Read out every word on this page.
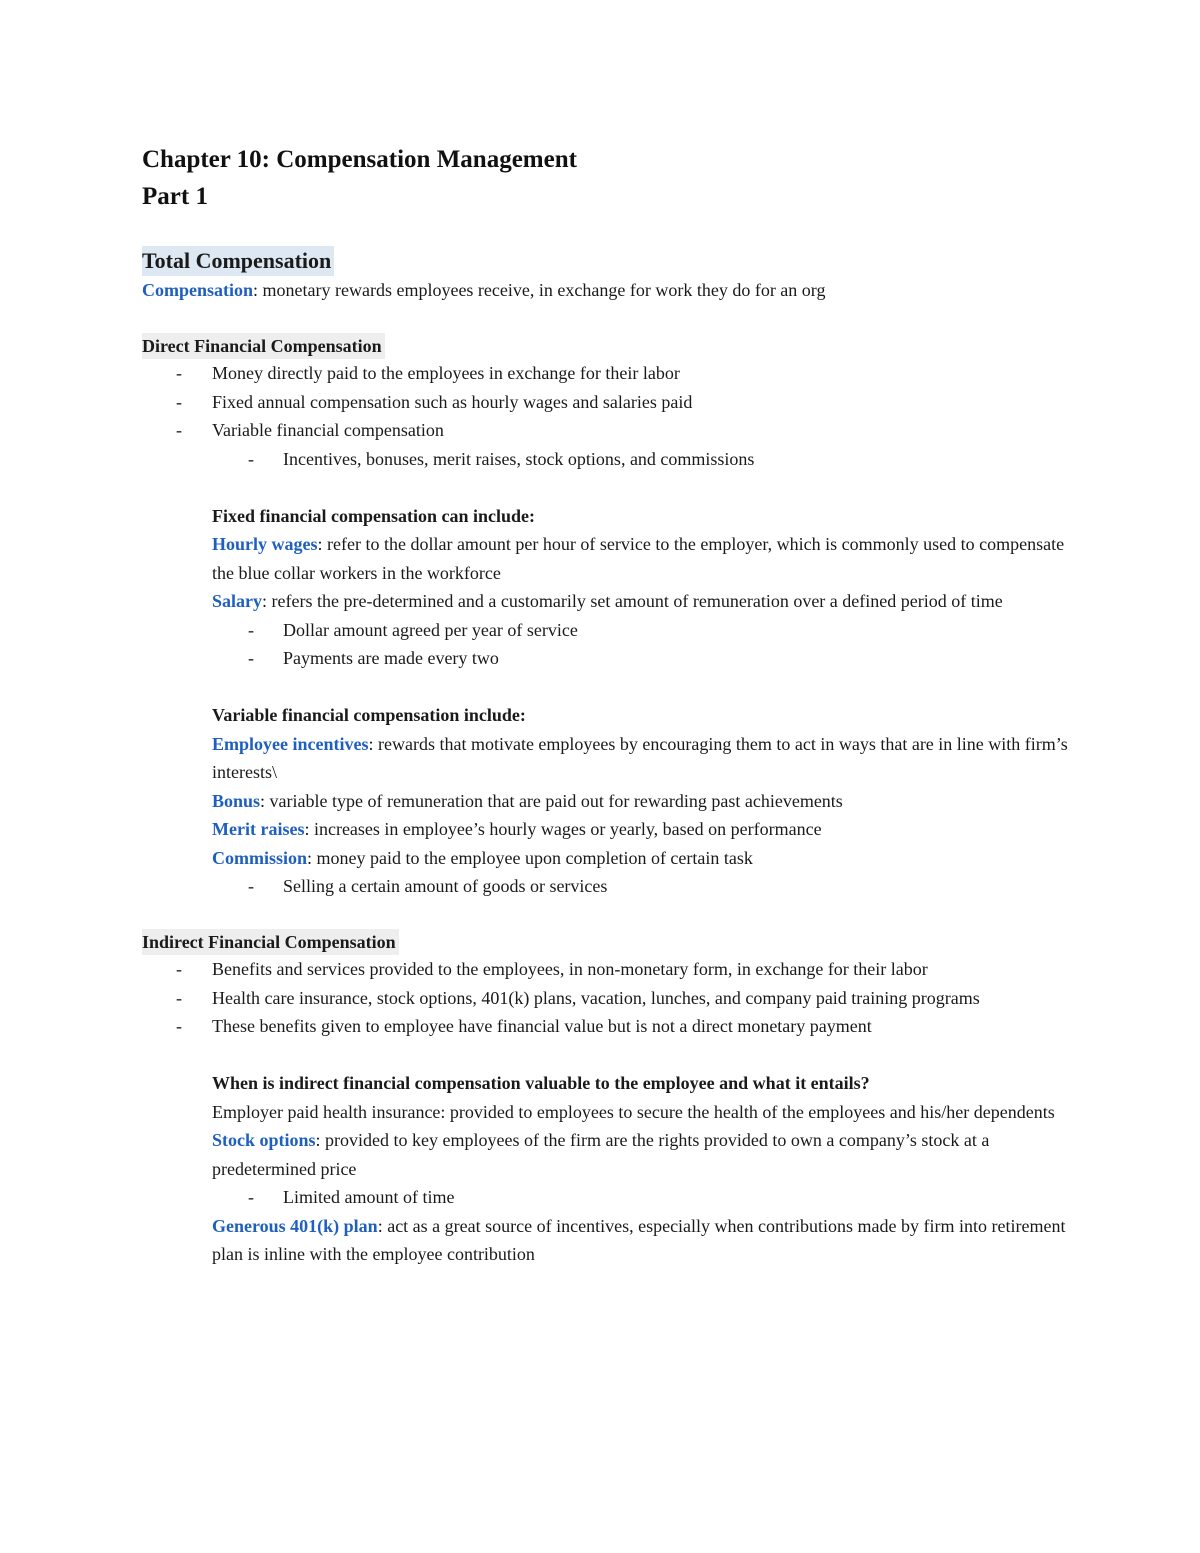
Chapter 10: Compensation Management

Part 1

Total Compensation

Compensation: monetary rewards employees receive, in exchange for work they do for an org

Direct Financial Compensation
- Money directly paid to the employees in exchange for their labor
- Fixed annual compensation such as hourly wages and salaries paid
- Variable financial compensation
- Incentives, bonuses, merit raises, stock options, and commissions

Fixed financial compensation can include:

Hourly wages: refer to the dollar amount per hour of service to the employer, which is commonly used to compensate the blue collar workers in the workforce

Salary: refers the pre-determined and a customarily set amount of remuneration over a defined period of time

- Dollar amount agreed per year of service
- Payments are made every two

Variable financial compensation include:

Employee incentives: rewards that motivate employees by encouraging them to act in ways that are in line with firm’s interests\

Bonus: variable type of remuneration that are paid out for rewarding past achievements

Merit raises: increases in employee’s hourly wages or yearly, based on performance

Commission: money paid to the employee upon completion of certain task

- Selling a certain amount of goods or services
Indirect Financial Compensation
- Benefits and services provided to the employees, in non-monetary form, in exchange for their labor
- Health care insurance, stock options, 401(k) plans, vacation, lunches, and company paid training programs
- These benefits given to employee have financial value but is not a direct monetary payment

When is indirect financial compensation valuable to the employee and what it entails?

Employer paid health insurance: provided to employees to secure the health of the employees and his/her dependents

Stock options: provided to key employees of the firm are the rights provided to own a company’s stock at a predetermined price

- Limited amount of time

Generous 401(k) plan: act as a great source of incentives, especially when contributions made by firm into retirement plan is inline with the employee contribution
